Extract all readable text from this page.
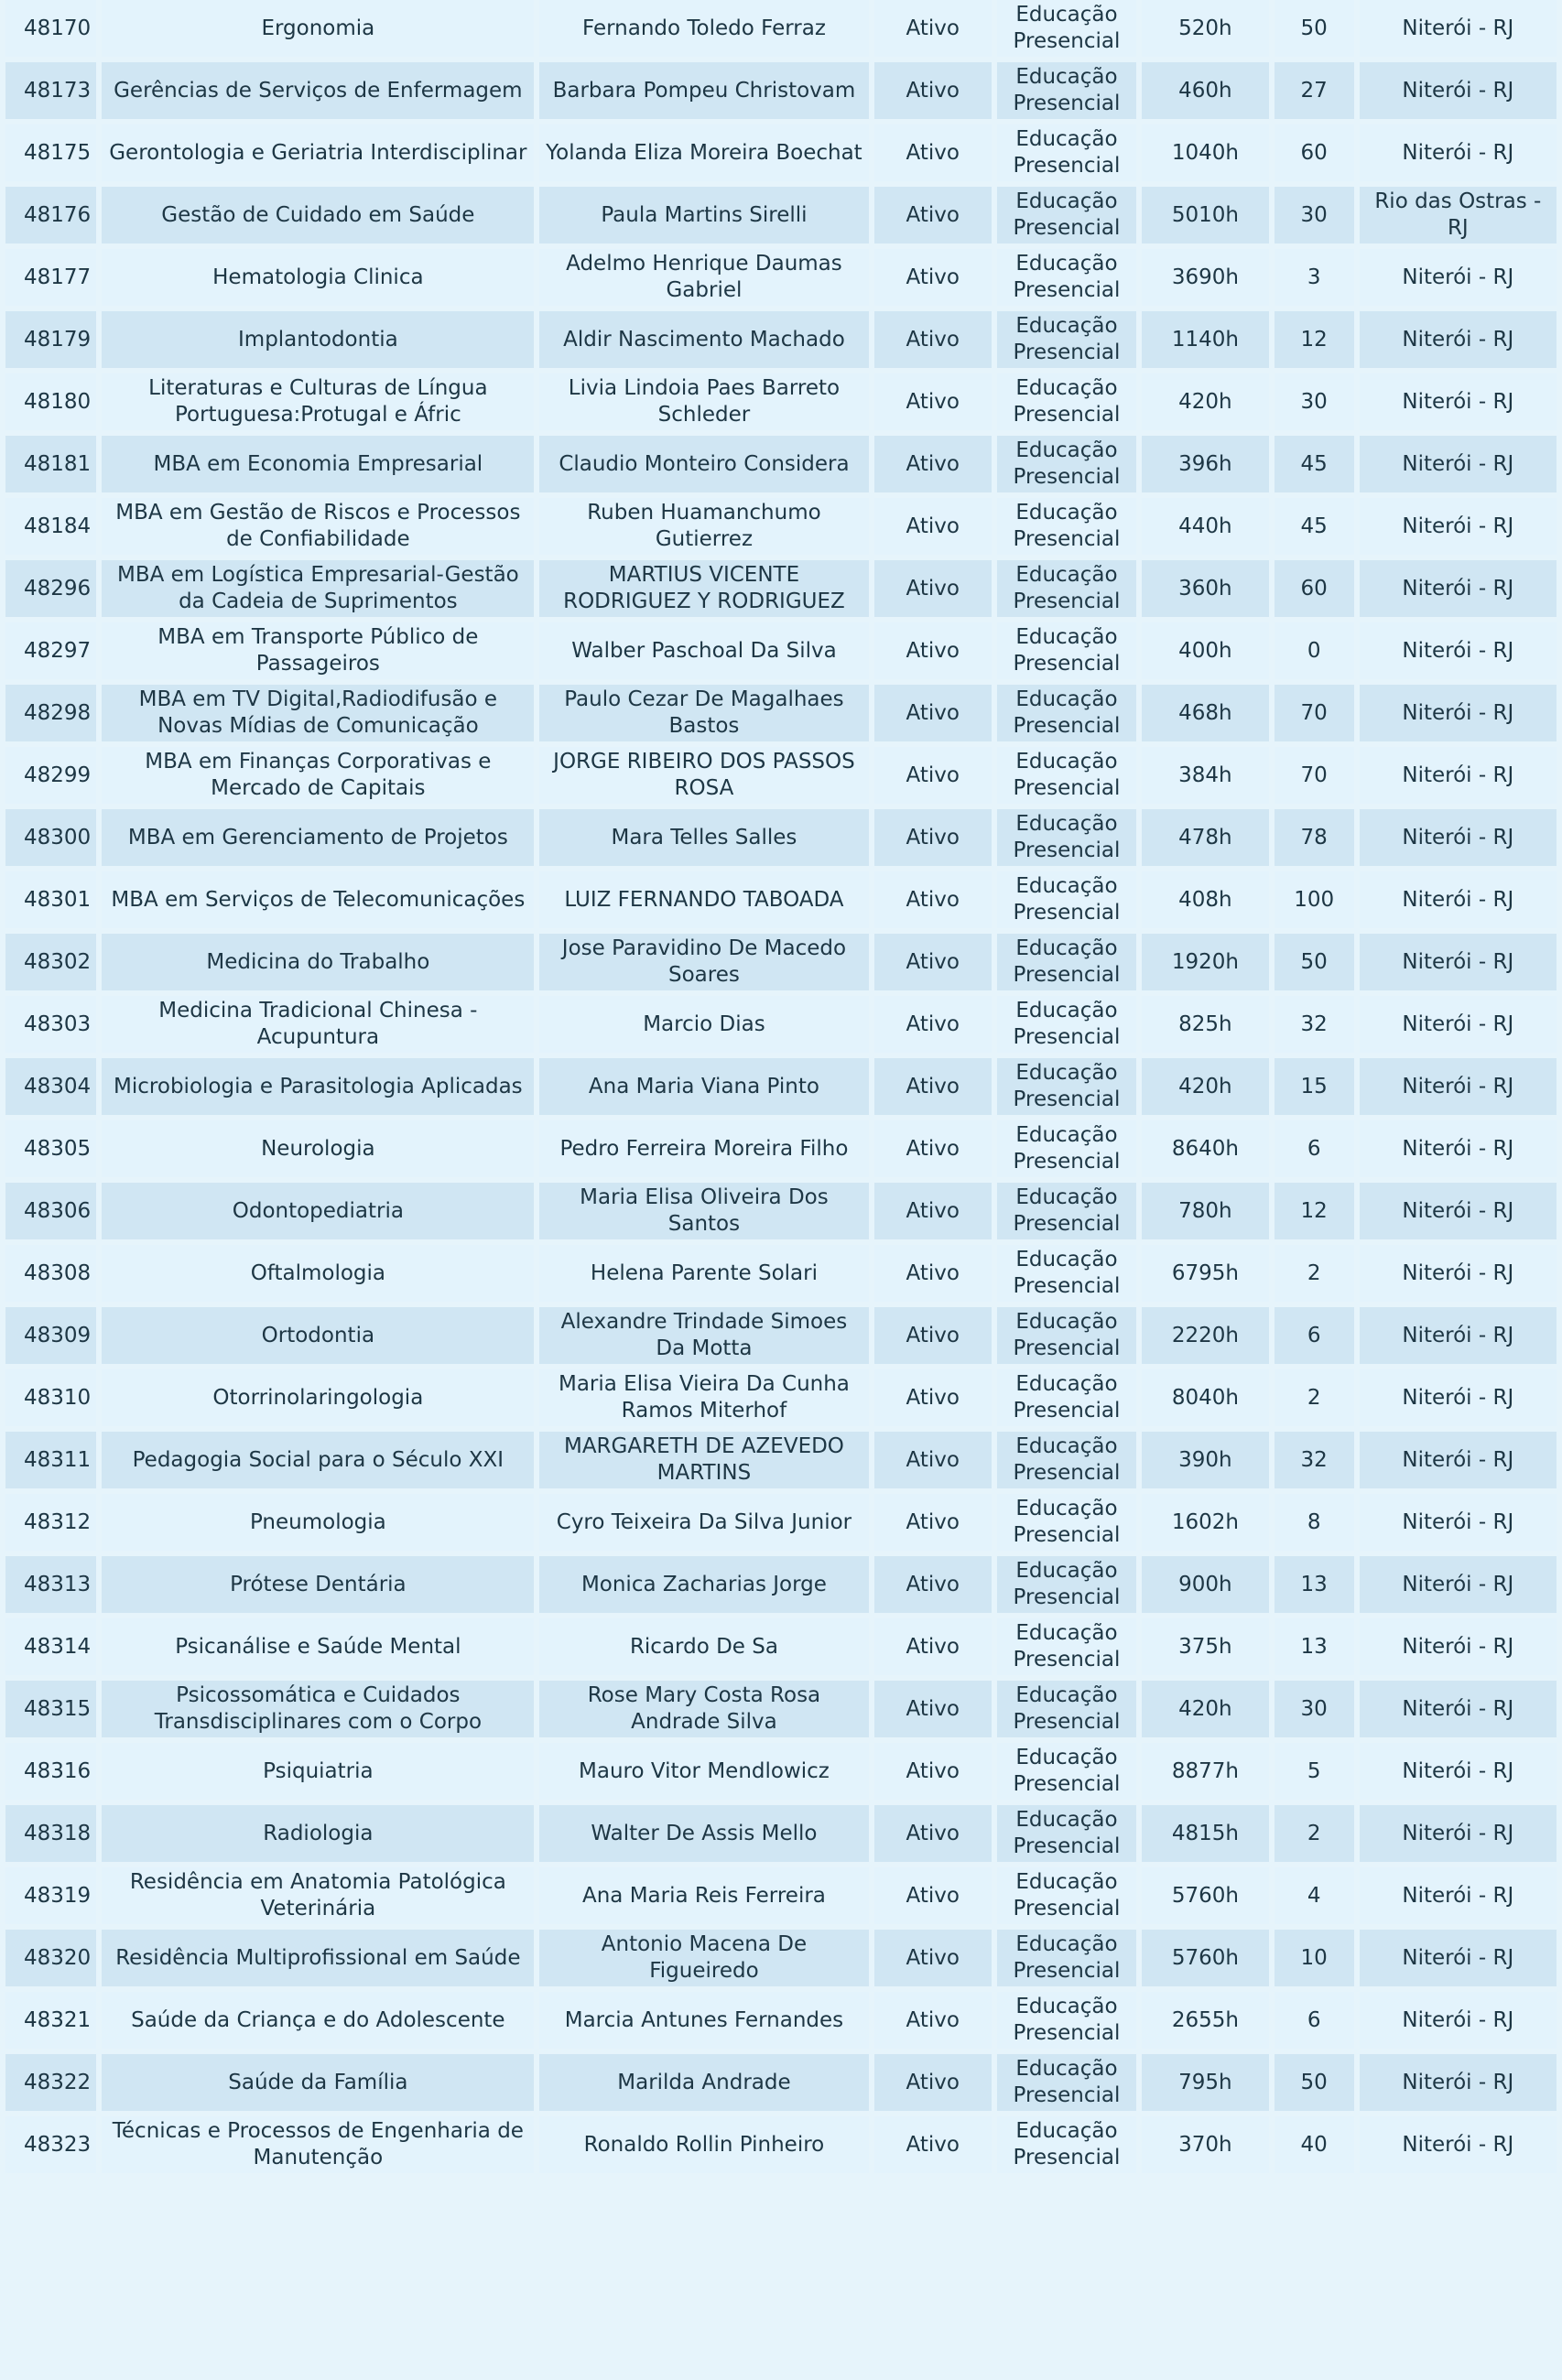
48170	Ergonomia	Fernando Toledo Ferraz	Ativo	Educação Presencial	520h	50	Niterói - RJ
48173	Gerências de Serviços de Enfermagem	Barbara Pompeu Christovam	Ativo	Educação Presencial	460h	27	Niterói - RJ
48175	Gerontologia e Geriatria Interdisciplinar	Yolanda Eliza Moreira Boechat	Ativo	Educação Presencial	1040h	60	Niterói - RJ
48176	Gestão de Cuidado em Saúde	Paula Martins Sirelli	Ativo	Educação Presencial	5010h	30	Rio das Ostras - RJ
48177	Hematologia Clinica	Adelmo Henrique Daumas Gabriel	Ativo	Educação Presencial	3690h	3	Niterói - RJ
48179	Implantodontia	Aldir Nascimento Machado	Ativo	Educação Presencial	1140h	12	Niterói - RJ
48180	Literaturas e Culturas de Língua Portuguesa:Protugal e Áfric	Livia Lindoia Paes Barreto Schleder	Ativo	Educação Presencial	420h	30	Niterói - RJ
48181	MBA em Economia Empresarial	Claudio Monteiro Considera	Ativo	Educação Presencial	396h	45	Niterói - RJ
48184	MBA em Gestão de Riscos e Processos de Confiabilidade	Ruben Huamanchumo Gutierrez	Ativo	Educação Presencial	440h	45	Niterói - RJ
48296	MBA em Logística Empresarial-Gestão da Cadeia de Suprimentos	MARTIUS VICENTE RODRIGUEZ Y RODRIGUEZ	Ativo	Educação Presencial	360h	60	Niterói - RJ
48297	MBA em Transporte Público de Passageiros	Walber Paschoal Da Silva	Ativo	Educação Presencial	400h	0	Niterói - RJ
48298	MBA em TV Digital,Radiodifusão e Novas Mídias de Comunicação	Paulo Cezar De Magalhaes Bastos	Ativo	Educação Presencial	468h	70	Niterói - RJ
48299	MBA em Finanças Corporativas e Mercado de Capitais	JORGE RIBEIRO DOS PASSOS ROSA	Ativo	Educação Presencial	384h	70	Niterói - RJ
48300	MBA em Gerenciamento de Projetos	Mara Telles Salles	Ativo	Educação Presencial	478h	78	Niterói - RJ
48301	MBA em Serviços de Telecomunicações	LUIZ FERNANDO TABOADA	Ativo	Educação Presencial	408h	100	Niterói - RJ
48302	Medicina do Trabalho	Jose Paravidino De Macedo Soares	Ativo	Educação Presencial	1920h	50	Niterói - RJ
48303	Medicina Tradicional Chinesa - Acupuntura	Marcio Dias	Ativo	Educação Presencial	825h	32	Niterói - RJ
48304	Microbiologia e Parasitologia Aplicadas	Ana Maria Viana Pinto	Ativo	Educação Presencial	420h	15	Niterói - RJ
48305	Neurologia	Pedro Ferreira Moreira Filho	Ativo	Educação Presencial	8640h	6	Niterói - RJ
48306	Odontopediatria	Maria Elisa Oliveira Dos Santos	Ativo	Educação Presencial	780h	12	Niterói - RJ
48308	Oftalmologia	Helena Parente Solari	Ativo	Educação Presencial	6795h	2	Niterói - RJ
48309	Ortodontia	Alexandre Trindade Simoes Da Motta	Ativo	Educação Presencial	2220h	6	Niterói - RJ
48310	Otorrinolaringologia	Maria Elisa Vieira Da Cunha Ramos Miterhof	Ativo	Educação Presencial	8040h	2	Niterói - RJ
48311	Pedagogia Social para o Século XXI	MARGARETH DE AZEVEDO MARTINS	Ativo	Educação Presencial	390h	32	Niterói - RJ
48312	Pneumologia	Cyro Teixeira Da Silva Junior	Ativo	Educação Presencial	1602h	8	Niterói - RJ
48313	Prótese Dentária	Monica Zacharias Jorge	Ativo	Educação Presencial	900h	13	Niterói - RJ
48314	Psicanálise e Saúde Mental	Ricardo De Sa	Ativo	Educação Presencial	375h	13	Niterói - RJ
48315	Psicossomática e Cuidados Transdisciplinares com o Corpo	Rose Mary Costa Rosa Andrade Silva	Ativo	Educação Presencial	420h	30	Niterói - RJ
48316	Psiquiatria	Mauro Vitor Mendlowicz	Ativo	Educação Presencial	8877h	5	Niterói - RJ
48318	Radiologia	Walter De Assis Mello	Ativo	Educação Presencial	4815h	2	Niterói - RJ
48319	Residência em Anatomia Patológica Veterinária	Ana Maria Reis Ferreira	Ativo	Educação Presencial	5760h	4	Niterói - RJ
48320	Residência Multiprofissional em Saúde	Antonio Macena De Figueiredo	Ativo	Educação Presencial	5760h	10	Niterói - RJ
48321	Saúde da Criança e do Adolescente	Marcia Antunes Fernandes	Ativo	Educação Presencial	2655h	6	Niterói - RJ
48322	Saúde da Família	Marilda Andrade	Ativo	Educação Presencial	795h	50	Niterói - RJ
48323	Técnicas e Processos de Engenharia de Manutenção	Ronaldo Rollin Pinheiro	Ativo	Educação Presencial	370h	40	Niterói - RJ
